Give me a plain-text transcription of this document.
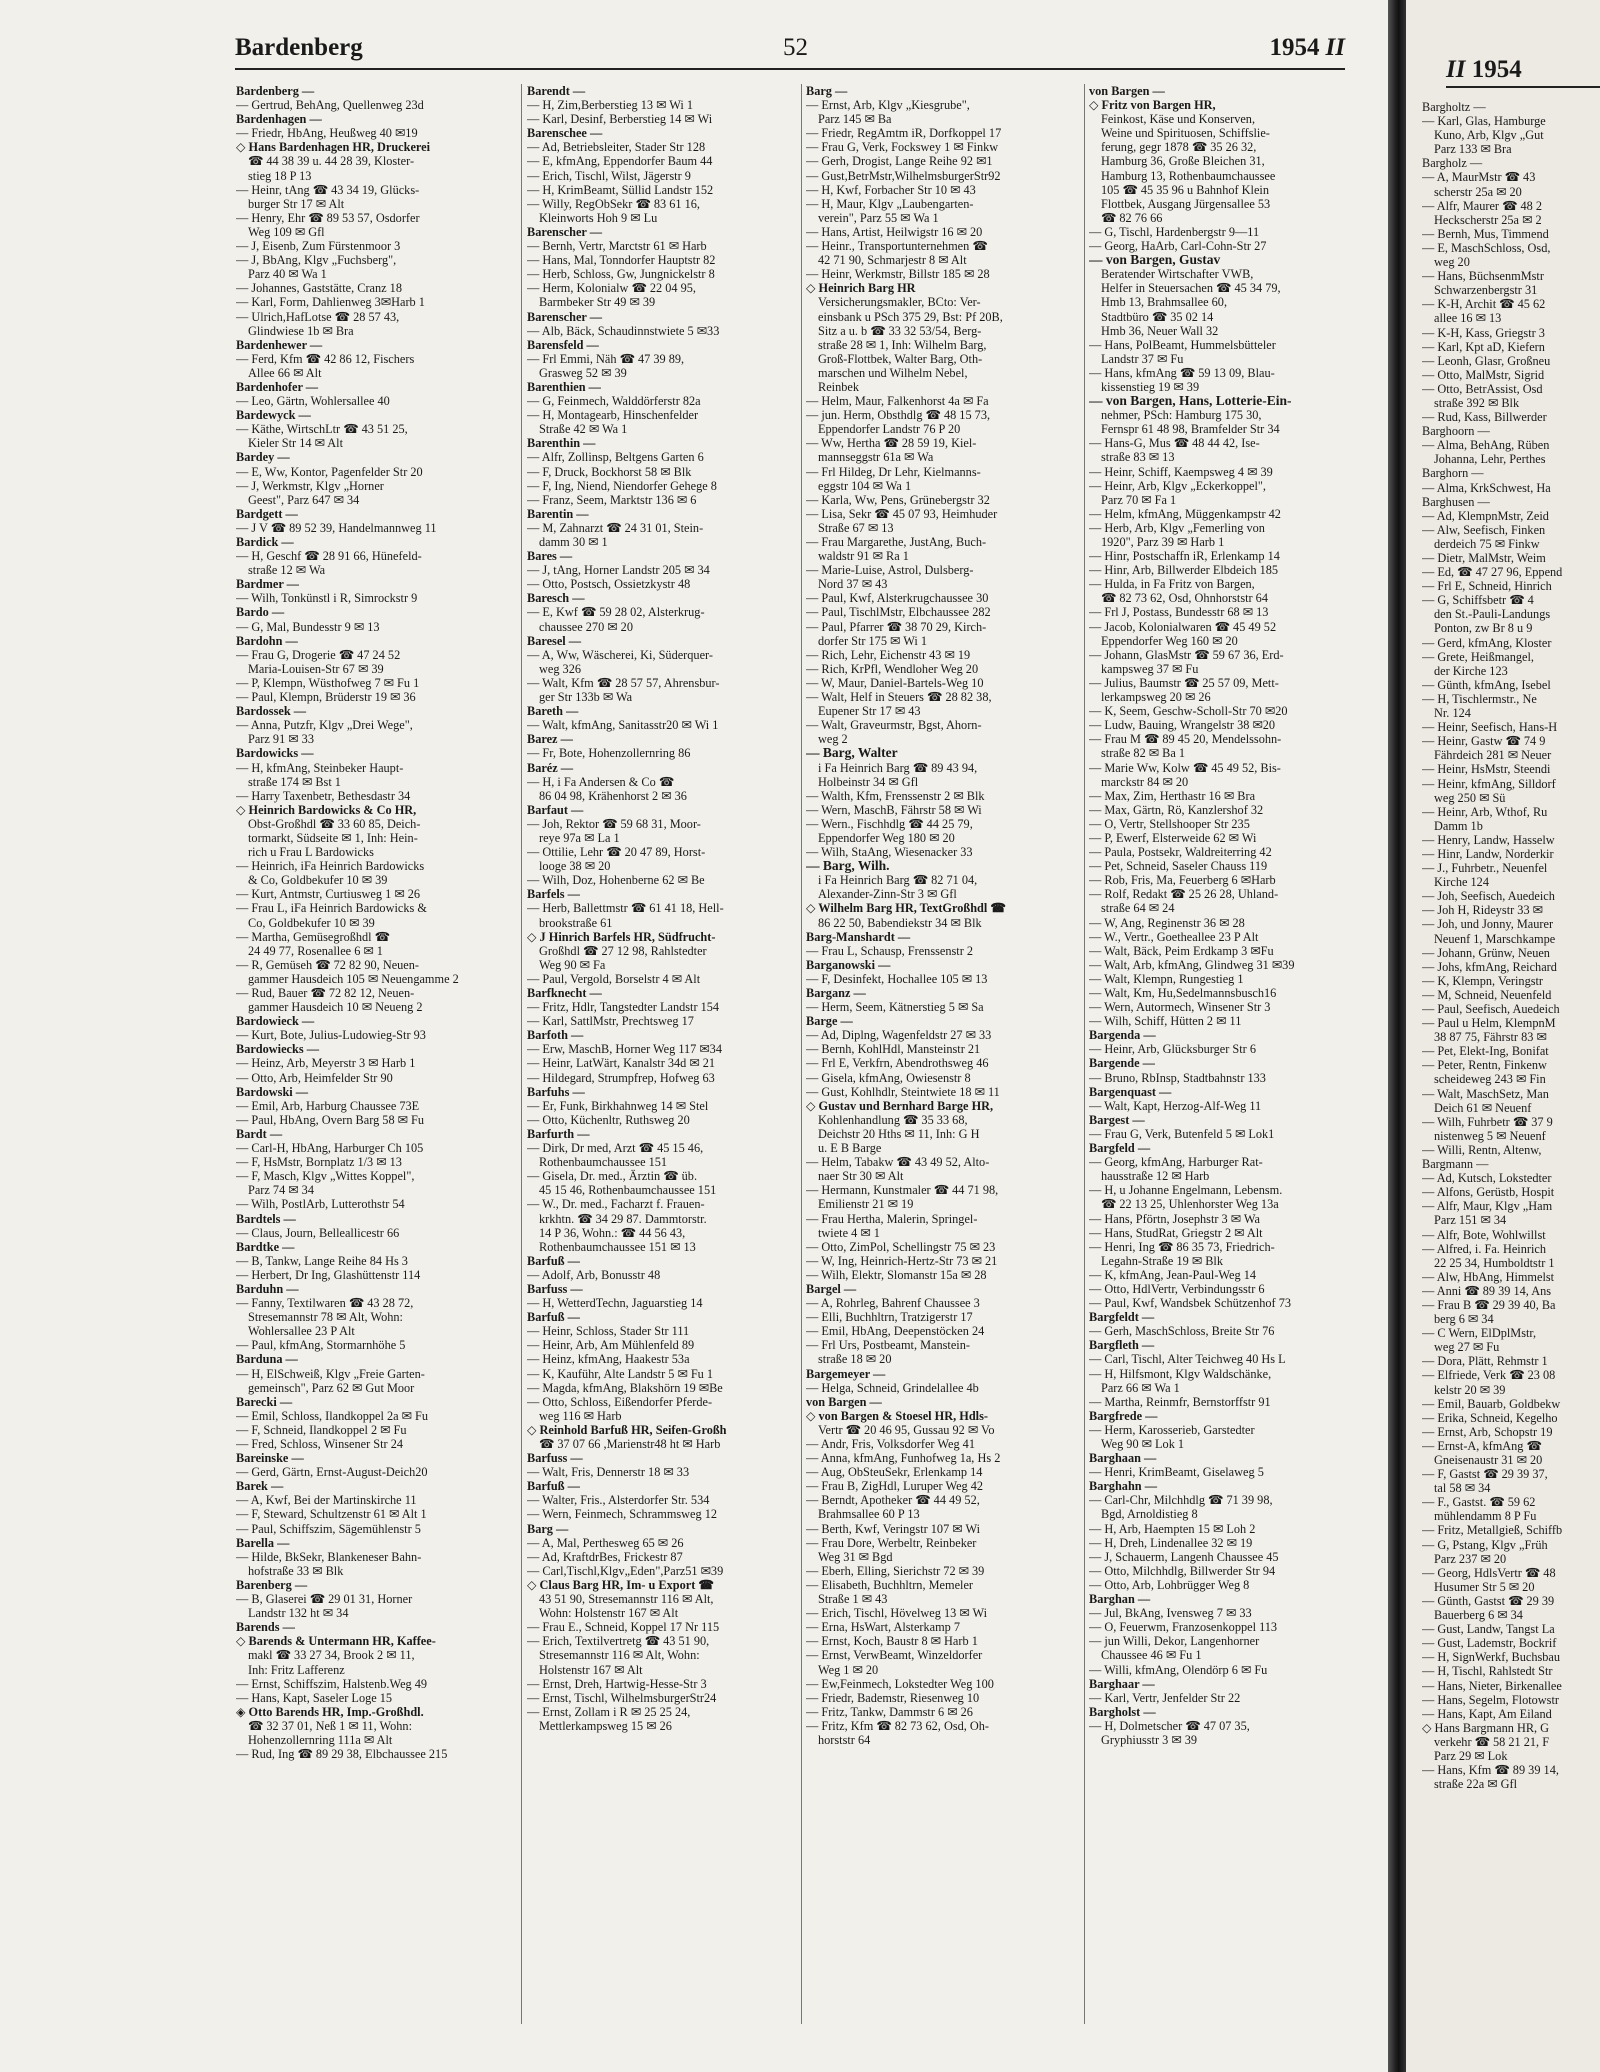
Bardenberg	52	1954 II
Bardenberg —
— Gertrud, BehAng, Quellenweg 23d
Bardenhagen —
— Friedr, HbAng, Heußweg 40 ✉19
◇ Hans Bardenhagen HR, Druckerei
☎ 44 38 39 u. 44 28 39, Kloster-
stieg 18 P 13
— Heinr, tAng ☎ 43 34 19, Glücks-
burger Str 17 ✉ Alt
— Henry, Ehr ☎ 89 53 57, Osdorfer
Weg 109 ✉ Gfl
— J, Eisenb, Zum Fürstenmoor 3
— J, BbAng, Klgv „Fuchsberg",
Parz 40 ✉ Wa 1
— Johannes, Gaststätte, Cranz 18
— Karl, Form, Dahlienweg 3✉Harb 1
— Ulrich,HafLotse ☎ 28 57 43,
Glindwiese 1b ✉ Bra
Bardenhewer —
— Ferd, Kfm ☎ 42 86 12, Fischers
Allee 66 ✉ Alt
Bardenhofer —
— Leo, Gärtn, Wohlersallee 40
Bardewyck —
— Käthe, WirtschLtr ☎ 43 51 25,
Kieler Str 14 ✉ Alt
Bardey —
— E, Ww, Kontor, Pagenfelder Str 20
— J, Werkmstr, Klgv „Horner
Geest", Parz 647 ✉ 34
Bardgett —
— J V ☎ 89 52 39, Handelmannweg 11
Bardick —
— H, Geschf ☎ 28 91 66, Hünefeld-
straße 12 ✉ Wa
Bardmer —
— Wilh, Tonkünstl i R, Simrockstr 9
Bardo —
— G, Mal, Bundesstr 9 ✉ 13
Bardohn —
— Frau G, Drogerie ☎ 47 24 52
Maria-Louisen-Str 67 ✉ 39
— P, Klempn, Wüsthofweg 7 ✉ Fu 1
— Paul, Klempn, Brüderstr 19 ✉ 36
Bardossek —
— Anna, Putzfr, Klgv „Drei Wege",
Parz 91 ✉ 33
Bardowicks —
— H, kfmAng, Steinbeker Haupt-
straße 174 ✉ Bst 1
— Harry Taxenbetr, Bethesdastr 34
◇ Heinrich Bardowicks & Co HR,
Obst-Großhdl ☎ 33 60 85, Deich-
tormarkt, Südseite ✉ 1, Inh: Hein-
rich u Frau L Bardowicks
— Heinrich, iFa Heinrich Bardowicks
& Co, Goldbekufer 10 ✉ 39
— Kurt, Antmstr, Curtiusweg 1 ✉ 26
— Frau L, iFa Heinrich Bardowicks &
Co, Goldbekufer 10 ✉ 39
— Martha, Gemüsegroßhdl ☎
24 49 77, Rosenallee 6 ✉ 1
— R, Gemüseh ☎ 72 82 90, Neuen-
gammer Hausdeich 105 ✉ Neuengamme 2
— Rud, Bauer ☎ 72 82 12, Neuen-
gammer Hausdeich 10 ✉ Neueng 2
Bardowieck —
— Kurt, Bote, Julius-Ludowieg-Str 93
Bardowiecks —
— Heinz, Arb, Meyerstr 3 ✉ Harb 1
— Otto, Arb, Heimfelder Str 90
Bardowski —
— Emil, Arb, Harburg Chaussee 73E
— Paul, HbAng, Overn Barg 58 ✉ Fu
Bardt —
— Carl-H, HbAng, Harburger Ch 105
— F, HsMstr, Bornplatz 1/3 ✉ 13
— F, Masch, Klgv „Wittes Koppel",
Parz 74 ✉ 34
— Wilh, PostlArb, Lutterothstr 54
Bardtels —
— Claus, Journ, Belleallicestr 66
Bardtke —
— B, Tankw, Lange Reihe 84 Hs 3
— Herbert, Dr Ing, Glashüttenstr 114
Barduhn —
— Fanny, Textilwaren ☎ 43 28 72,
Stresemannstr 78 ✉ Alt, Wohn:
Wohlersallee 23 P Alt
— Paul, kfmAng, Stormarnhöhe 5
Barduna —
— H, ElSchweiß, Klgv „Freie Garten-
gemeinsch", Parz 62 ✉ Gut Moor
Barecki —
— Emil, Schloss, Ilandkoppel 2a ✉ Fu
— F, Schneid, Ilandkoppel 2 ✉ Fu
— Fred, Schloss, Winsener Str 24
Bareinske —
— Gerd, Gärtn, Ernst-August-Deich20
Barek —
— A, Kwf, Bei der Martinskirche 11
— F, Steward, Schultzenstr 61 ✉ Alt 1
— Paul, Schiffszim, Sägemühlenstr 5
Barella —
— Hilde, BkSekr, Blankeneser Bahn-
hofstraße 33 ✉ Blk
Barenberg —
— B, Glaserei ☎ 29 01 31, Horner
Landstr 132 ht ✉ 34
Barends —
◇ Barends & Untermann HR, Kaffee-
makl ☎ 33 27 34, Brook 2 ✉ 11,
Inh: Fritz Lafferenz
— Ernst, Schiffszim, Halstenb.Weg 49
— Hans, Kapt, Saseler Loge 15
◈ Otto Barends HR, Imp.-Großhdl.
☎ 32 37 01, Neß 1 ✉ 11, Wohn:
Hohenzollernring 111a ✉ Alt
— Rud, Ing ☎ 89 29 38, Elbchaussee 215
Barendt —
— H, Zim,Berberstieg 13 ✉ Wi 1
— Karl, Desinf, Berberstieg 14 ✉ Wi
Barenschee —
— Ad, Betriebsleiter, Stader Str 128
— E, kfmAng, Eppendorfer Baum 44
— Erich, Tischl, Wilst, Jägerstr 9
— H, KrimBeamt, Süllid Landstr 152
— Willy, RegObSekr ☎ 83 61 16,
Kleinworts Hoh 9 ✉ Lu
Barenscher —
— Bernh, Vertr, Marctstr 61 ✉ Harb
— Hans, Mal, Tonndorfer Hauptstr 82
— Herb, Schloss, Gw, Jungnickelstr 8
— Herm, Kolonialw ☎ 22 04 95,
Barmbeker Str 49 ✉ 39
Barenscher —
— Alb, Bäck, Schaudinnstwiete 5 ✉33
Barensfeld —
— Frl Emmi, Näh ☎ 47 39 89,
Grasweg 52 ✉ 39
Barenthien —
— G, Feinmech, Walddörferstr 82a
— H, Montagearb, Hinschenfelder
Straße 42 ✉ Wa 1
Barenthin —
— Alfr, Zollinsp, Beltgens Garten 6
— F, Druck, Bockhorst 58 ✉ Blk
— F, Ing, Niend, Niendorfer Gehege 8
— Franz, Seem, Marktstr 136 ✉ 6
Barentin —
— M, Zahnarzt ☎ 24 31 01, Stein-
damm 30 ✉ 1
Bares —
— J, tAng, Horner Landstr 205 ✉ 34
— Otto, Postsch, Ossietzkystr 48
Baresch —
— E, Kwf ☎ 59 28 02, Alsterkrug-
chaussee 270 ✉ 20
Baresel —
— A, Ww, Wäscherei, Ki, Süderquer-
weg 326
— Walt, Kfm ☎ 28 57 57, Ahrensbur-
ger Str 133b ✉ Wa
Bareth —
— Walt, kfmAng, Sanitasstr20 ✉ Wi 1
Barez —
— Fr, Bote, Hohenzollernring 86
Baréz —
— H, i Fa Andersen & Co ☎
86 04 98, Krähenhorst 2 ✉ 36
Barfaut —
— Joh, Rektor ☎ 59 68 31, Moor-
reye 97a ✉ La 1
— Ottilie, Lehr ☎ 20 47 89, Horst-
looge 38 ✉ 20
— Wilh, Doz, Hohenberne 62 ✉ Be
Barfels —
— Herb, Ballettmstr ☎ 61 41 18, Hell-
brookstraße 61
◇ J Hinrich Barfels HR, Südfrucht-
Großhdl ☎ 27 12 98, Rahlstedter
Weg 90 ✉ Fa
— Paul, Vergold, Borselstr 4 ✉ Alt
Barfknecht —
— Fritz, Hdlr, Tangstedter Landstr 154
— Karl, SattlMstr, Prechtsweg 17
Barfoth —
— Erw, MaschB, Horner Weg 117 ✉34
— Heinr, LatWärt, Kanalstr 34d ✉ 21
— Hildegard, Strumpfrep, Hofweg 63
Barfuhs —
— Er, Funk, Birkhahnweg 14 ✉ Stel
— Otto, Küchenltr, Ruthsweg 20
Barfurth —
— Dirk, Dr med, Arzt ☎ 45 15 46,
Rothenbaumchaussee 151
— Gisela, Dr. med., Ärztin ☎ üb.
45 15 46, Rothenbaumchaussee 151
— W., Dr. med., Facharzt f. Frauen-
krkhtn. ☎ 34 29 87. Dammtorstr.
14 P 36, Wohn.: ☎ 44 56 43,
Rothenbaumchaussee 151 ✉ 13
Barfuß —
— Adolf, Arb, Bonusstr 48
Barfuss —
— H, WetterdTechn, Jaguarstieg 14
Barfuß —
— Heinr, Schloss, Stader Str 111
— Heinr, Arb, Am Mühlenfeld 89
— Heinz, kfmAng, Haakestr 53a
— K, Kauführ, Alte Landstr 5 ✉ Fu 1
— Magda, kfmAng, Blakshörn 19 ✉Be
— Otto, Schloss, Eißendorfer Pferde-
weg 116 ✉ Harb
◇ Reinhold Barfuß HR, Seifen-Großh
☎ 37 07 66 ,Marienstr48 ht ✉ Harb
Barfuss —
— Walt, Fris, Dennerstr 18 ✉ 33
Barfuß —
— Walter, Fris., Alsterdorfer Str. 534
— Wern, Feinmech, Schrammsweg 12
Barg —
— A, Mal, Perthesweg 65 ✉ 26
— Ad, KraftdrBes, Frickestr 87
— Carl,Tischl,Klgv„Eden",Parz51 ✉39
◇ Claus Barg HR, Im- u Export ☎
43 51 90, Stresemannstr 116 ✉ Alt,
Wohn: Holstenstr 167 ✉ Alt
— Frau E., Schneid, Koppel 17 Nr 115
— Erich, Textilvertretg ☎ 43 51 90,
Stresemannstr 116 ✉ Alt, Wohn:
Holstenstr 167 ✉ Alt
— Ernst, Dreh, Hartwig-Hesse-Str 3
— Ernst, Tischl, WilhelmsburgerStr24
— Ernst, Zollam i R ✉ 25 25 24,
Mettlerkampsweg 15 ✉ 26
Barg —
— Ernst, Arb, Klgv „Kiesgrube",
Parz 145 ✉ Ba
— Friedr, RegAmtm iR, Dorfkoppel 17
— Frau G, Verk, Fockswey 1 ✉ Finkw
— Gerh, Drogist, Lange Reihe 92 ✉1
— Gust,BetrMstr,WilhelmsburgerStr92
— H, Kwf, Forbacher Str 10 ✉ 43
— H, Maur, Klgv „Laubengarten-
verein", Parz 55 ✉ Wa 1
— Hans, Artist, Heilwigstr 16 ✉ 20
— Heinr., Transportunternehmen ☎
42 71 90, Schmarjestr 8 ✉ Alt
— Heinr, Werkmstr, Billstr 185 ✉ 28
◇ Heinrich Barg HR
Versicherungsmakler, BCto: Ver-
einsbank u PSch 375 29, Bst: Pf 20B,
Sitz a u. b ☎ 33 32 53/54, Berg-
straße 28 ✉ 1, Inh: Wilhelm Barg,
Groß-Flottbek, Walter Barg, Oth-
marschen und Wilhelm Nebel,
Reinbek
— Helm, Maur, Falkenhorst 4a ✉ Fa
— jun. Herm, Obsthdlg ☎ 48 15 73,
Eppendorfer Landstr 76 P 20
— Ww, Hertha ☎ 28 59 19, Kiel-
mannseggstr 61a ✉ Wa
— Frl Hildeg, Dr Lehr, Kielmanns-
eggstr 104 ✉ Wa 1
— Karla, Ww, Pens, Grünebergstr 32
— Lisa, Sekr ☎ 45 07 93, Heimhuder
Straße 67 ✉ 13
— Frau Margarethe, JustAng, Buch-
waldstr 91 ✉ Ra 1
— Marie-Luise, Astrol, Dulsberg-
Nord 37 ✉ 43
— Paul, Kwf, Alsterkrugchaussee 30
— Paul, TischlMstr, Elbchaussee 282
— Paul, Pfarrer ☎ 38 70 29, Kirch-
dorfer Str 175 ✉ Wi 1
— Rich, Lehr, Eichenstr 43 ✉ 19
— Rich, KrPfl, Wendloher Weg 20
— W, Maur, Daniel-Bartels-Weg 10
— Walt, Helf in Steuers ☎ 28 82 38,
Eupener Str 17 ✉ 43
— Walt, Graveurmstr, Bgst, Ahorn-
weg 2
— Barg, Walter
i Fa Heinrich Barg ☎ 89 43 94,
Holbeinstr 34 ✉ Gfl
— Walth, Kfm, Frenssenstr 2 ✉ Blk
— Wern, MaschB, Fährstr 58 ✉ Wi
— Wern., Fischhdlg ☎ 44 25 79,
Eppendorfer Weg 180 ✉ 20
— Wilh, StaAng, Wiesenacker 33
— Barg, Wilh.
i Fa Heinrich Barg ☎ 82 71 04,
Alexander-Zinn-Str 3 ✉ Gfl
◇ Wilhelm Barg HR, TextGroßhdl ☎
86 22 50, Babendiekstr 34 ✉ Blk
Barg-Manshardt —
— Frau L, Schausp, Frenssenstr 2
Barganowski —
— F, Desinfekt, Hochallee 105 ✉ 13
Barganz —
— Herm, Seem, Kätnerstieg 5 ✉ Sa
Barge —
— Ad, Diplng, Wagenfeldstr 27 ✉ 33
— Bernh, KohlHdl, Mansteinstr 21
— Frl E, Verkfrn, Abendrothsweg 46
— Gisela, kfmAng, Owiesenstr 8
— Gust, Kohlhdlr, Steintwiete 18 ✉ 11
◇ Gustav und Bernhard Barge HR,
Kohlenhandlung ☎ 35 33 68,
Deichstr 20 Hths ✉ 11, Inh: G H
u. E B Barge
— Helm, Tabakw ☎ 43 49 52, Alto-
naer Str 30 ✉ Alt
— Hermann, Kunstmaler ☎ 44 71 98,
Emilienstr 21 ✉ 19
— Frau Hertha, Malerin, Springel-
twiete 4 ✉ 1
— Otto, ZimPol, Schellingstr 75 ✉ 23
— W, Ing, Heinrich-Hertz-Str 73 ✉ 21
— Wilh, Elektr, Slomanstr 15a ✉ 28
Bargel —
— A, Rohrleg, Bahrenf Chaussee 3
— Elli, Buchhltrn, Tratzigerstr 17
— Emil, HbAng, Deepenstöcken 24
— Frl Urs, Postbeamt, Manstein-
straße 18 ✉ 20
Bargemeyer —
— Helga, Schneid, Grindelallee 4b
von Bargen —
◇ von Bargen & Stoesel HR, Hdls-
Vertr ☎ 20 46 95, Gussau 92 ✉ Vo
— Andr, Fris, Volksdorfer Weg 41
— Anna, kfmAng, Funhofweg 1a, Hs 2
— Aug, ObSteuSekr, Erlenkamp 14
— Frau B, ZigHdl, Luruper Weg 42
— Berndt, Apotheker ☎ 44 49 52,
Brahmsallee 60 P 13
— Berth, Kwf, Veringstr 107 ✉ Wi
— Frau Dore, Werbeltr, Reinbeker
Weg 31 ✉ Bgd
— Eberh, Elling, Sierichstr 72 ✉ 39
— Elisabeth, Buchhltrn, Memeler
Straße 1 ✉ 43
— Erich, Tischl, Hövelweg 13 ✉ Wi
— Erna, HsWart, Alsterkamp 7
— Ernst, Koch, Baustr 8 ✉ Harb 1
— Ernst, VerwBeamt, Winzeldorfer
Weg 1 ✉ 20
— Ew,Feinmech, Lokstedter Weg 100
— Friedr, Bademstr, Riesenweg 10
— Fritz, Tankw, Dammstr 6 ✉ 26
— Fritz, Kfm ☎ 82 73 62, Osd, Oh-
horststr 64
von Bargen —
◇ Fritz von Bargen HR,
Feinkost, Käse und Konserven,
Weine und Spirituosen, Schiffslie-
ferung, gegr 1878 ☎ 35 26 32,
Hamburg 36, Große Bleichen 31,
Hamburg 13, Rothenbaumchaussee
105 ☎ 45 35 96 u Bahnhof Klein
Flottbek, Ausgang Jürgensallee 53
☎ 82 76 66
— G, Tischl, Hardenbergstr 9—11
— Georg, HaArb, Carl-Cohn-Str 27
— von Bargen, Gustav
Beratender Wirtschafter VWB,
Helfer in Steuersachen ☎ 45 34 79,
Hmb 13, Brahmsallee 60,
Stadtbüro ☎ 35 02 14
Hmb 36, Neuer Wall 32
— Hans, PolBeamt, Hummelsbütteler
Landstr 37 ✉ Fu
— Hans, kfmAng ☎ 59 13 09, Blau-
kissenstieg 19 ✉ 39
— von Bargen, Hans, Lotterie-Ein-
nehmer, PSch: Hamburg 175 30,
Fernspr 61 48 98, Bramfelder Str 34
— Hans-G, Mus ☎ 48 44 42, Ise-
straße 83 ✉ 13
— Heinr, Schiff, Kaempsweg 4 ✉ 39
— Heinr, Arb, Klgv „Eckerkoppel",
Parz 70 ✉ Fa 1
— Helm, kfmAng, Müggenkampstr 42
— Herb, Arb, Klgv „Femerling von
1920", Parz 39 ✉ Harb 1
— Hinr, Postschaffn iR, Erlenkamp 14
— Hinr, Arb, Billwerder Elbdeich 185
— Hulda, in Fa Fritz von Bargen,
☎ 82 73 62, Osd, Ohnhorststr 64
— Frl J, Postass, Bundesstr 68 ✉ 13
— Jacob, Kolonialwaren ☎ 45 49 52
Eppendorfer Weg 160 ✉ 20
— Johann, GlasMstr ☎ 59 67 36, Erd-
kampsweg 37 ✉ Fu
— Julius, Baumstr ☎ 25 57 09, Mett-
lerkampsweg 20 ✉ 26
— K, Seem, Geschw-Scholl-Str 70 ✉20
— Ludw, Bauing, Wrangelstr 38 ✉20
— Frau M ☎ 89 45 20, Mendelssohn-
straße 82 ✉ Ba 1
— Marie Ww, Kolw ☎ 45 49 52, Bis-
marckstr 84 ✉ 20
— Max, Zim, Herthastr 16 ✉ Bra
— Max, Gärtn, Rö, Kanzlershof 32
— O, Vertr, Stellshooper Str 235
— P, Ewerf, Elsterweide 62 ✉ Wi
— Paula, Postsekr, Waldreiterring 42
— Pet, Schneid, Saseler Chauss 119
— Rob, Fris, Ma, Feuerberg 6 ✉Harb
— Rolf, Redakt ☎ 25 26 28, Uhland-
straße 64 ✉ 24
— W, Ang, Reginenstr 36 ✉ 28
— W., Vertr., Goetheallee 23 P Alt
— Walt, Bäck, Peim Erdkamp 3 ✉Fu
— Walt, Arb, kfmAng, Glindweg 31 ✉39
— Walt, Klempn, Rungestieg 1
— Walt, Km, Hu,Sedelmannsbusch16
— Wern, Autormech, Winsener Str 3
— Wilh, Schiff, Hütten 2 ✉ 11
Bargenda —
— Heinr, Arb, Glücksburger Str 6
Bargende —
— Bruno, RbInsp, Stadtbahnstr 133
Bargenquast —
— Walt, Kapt, Herzog-Alf-Weg 11
Bargest —
— Frau G, Verk, Butenfeld 5 ✉ Lok1
Bargfeld —
— Georg, kfmAng, Harburger Rat-
hausstraße 12 ✉ Harb
— H, u Johanne Engelmann, Lebensm.
☎ 22 13 25, Uhlenhorster Weg 13a
— Hans, Pförtn, Josephstr 3 ✉ Wa
— Hans, StudRat, Griegstr 2 ✉ Alt
— Henri, Ing ☎ 86 35 73, Friedrich-
Legahn-Straße 19 ✉ Blk
— K, kfmAng, Jean-Paul-Weg 14
— Otto, HdlVertr, Verbindungsstr 6
— Paul, Kwf, Wandsbek Schützenhof 73
Bargfeldt —
— Gerh, MaschSchloss, Breite Str 76
Bargfleth —
— Carl, Tischl, Alter Teichweg 40 Hs L
— H, Hilfsmont, Klgv Waldschänke,
Parz 66 ✉ Wa 1
— Martha, Reinmfr, Bernstorffstr 91
Bargfrede —
— Herm, Karosserieb, Garstedter
Weg 90 ✉ Lok 1
Barghaan —
— Henri, KrimBeamt, Giselaweg 5
Barghahn —
— Carl-Chr, Milchhdlg ☎ 71 39 98,
Bgd, Arnoldistieg 8
— H, Arb, Haempten 15 ✉ Loh 2
— H, Dreh, Lindenallee 32 ✉ 19
— J, Schauerm, Langenh Chaussee 45
— Otto, Milchhdlg, Billwerder Str 94
— Otto, Arb, Lohbrügger Weg 8
Barghan —
— Jul, BkAng, Ivensweg 7 ✉ 33
— O, Feuerwm, Franzosenkoppel 113
— jun Willi, Dekor, Langenhorner
Chaussee 46 ✉ Fu 1
— Willi, kfmAng, Olendörp 6 ✉ Fu
Barghaar —
— Karl, Vertr, Jenfelder Str 22
Bargholst —
— H, Dolmetscher ☎ 47 07 35,
Gryphiusstr 3 ✉ 39
II 1954
Bargholtz —
— Karl, Glas, Hamburge
Kuno, Arb, Klgv „Gut
Parz 133 ✉ Bra
Bargholz —
— A, MaurMstr ☎ 43
scherstr 25a ✉ 20
— Alfr, Maurer ☎ 48 2
Heckscherstr 25a ✉ 2
— Bernh, Mus, Timmend
— E, MaschSchloss, Osd,
weg 20
— Hans, BüchsenmMstr
Schwarzenbergstr 31
— K-H, Archit ☎ 45 62
allee 16 ✉ 13
— K-H, Kass, Griegstr 3
— Karl, Kpt aD, Kiefern
— Leonh, Glasr, Großneu
— Otto, MalMstr, Sigrid
— Otto, BetrAssist, Osd
straße 392 ✉ Blk
— Rud, Kass, Billwerder
Barghoorn —
— Alma, BehAng, Rüben
Johanna, Lehr, Perthes
Barghorn —
— Alma, KrkSchwest, Ha
Barghusen —
— Ad, KlempnMstr, Zeid
— Alw, Seefisch, Finken
derdeich 75 ✉ Finkw
— Dietr, MalMstr, Weim
— Ed, ☎ 47 27 96, Eppend
— Frl E, Schneid, Hinrich
— G, Schiffsbetr ☎ 4
den St.-Pauli-Landungs
Ponton, zw Br 8 u 9
— Gerd, kfmAng, Kloster
— Grete, Heißmangel,
der Kirche 123
— Günth, kfmAng, Isebel
— H, Tischlermstr., Ne
Nr. 124
— Heinr, Seefisch, Hans-H
— Heinr, Gastw ☎ 74 9
Fährdeich 281 ✉ Neuer
— Heinr, HsMstr, Steendi
— Heinr, kfmAng, Silldorf
weg 250 ✉ Sü
— Heinr, Arb, Wthof, Ru
Damm 1b
— Henry, Landw, Hasselw
— Hinr, Landw, Norderkir
— J., Fuhrbetr., Neuenfel
Kirche 124
— Joh, Seefisch, Auedeich
— Joh H, Rideystr 33 ✉
— Joh, und Jonny, Maurer
Neuenf 1, Marschkampe
— Johann, Grünw, Neuen
— Johs, kfmAng, Reichard
— K, Klempn, Veringstr
— M, Schneid, Neuenfeld
— Paul, Seefisch, Auedeich
— Paul u Helm, KlempnM
38 87 75, Fährstr 83 ✉
— Pet, Elekt-Ing, Bonifat
— Peter, Rentn, Finkenw
scheideweg 243 ✉ Fin
— Walt, MaschSetz, Man
Deich 61 ✉ Neuenf
— Wilh, Fuhrbetr ☎ 37 9
nistenweg 5 ✉ Neuenf
— Willi, Rentn, Altenw,
Bargmann —
— Ad, Kutsch, Lokstedter
— Alfons, Gerüstb, Hospit
— Alfr, Maur, Klgv „Ham
Parz 151 ✉ 34
— Alfr, Bote, Wohlwillst
— Alfred, i. Fa. Heinrich
22 25 34, Humboldtstr 1
— Alw, HbAng, Himmelst
— Anni ☎ 89 39 14, Ans
— Frau B ☎ 29 39 40, Ba
berg 6 ✉ 34
— C Wern, ElDplMstr,
weg 27 ✉ Fu
— Dora, Plätt, Rehmstr 1
— Elfriede, Verk ☎ 23 08
kelstr 20 ✉ 39
— Emil, Bauarb, Goldbekw
— Erika, Schneid, Kegelho
— Ernst, Arb, Schopstr 19
— Ernst-A, kfmAng ☎
Gneisenaustr 31 ✉ 20
— F, Gastst ☎ 29 39 37,
tal 58 ✉ 34
— F., Gastst. ☎ 59 62
mühlendamm 8 P Fu
— Fritz, Metallgieß, Schiffb
— G, Pstang, Klgv „Früh
Parz 237 ✉ 20
— Georg, HdlsVertr ☎ 48
Husumer Str 5 ✉ 20
— Günth, Gastst ☎ 29 39
Bauerberg 6 ✉ 34
— Gust, Landw, Tangst La
— Gust, Lademstr, Bockrif
— H, SignWerkf, Buchsbau
— H, Tischl, Rahlstedt Str
— Hans, Nieter, Birkenallee
— Hans, Segelm, Flotowstr
— Hans, Kapt, Am Eiland
◇ Hans Bargmann HR, G
verkehr ☎ 58 21 21, F
Parz 29 ✉ Lok
— Hans, Kfm ☎ 89 39 14,
straße 22a ✉ Gfl
